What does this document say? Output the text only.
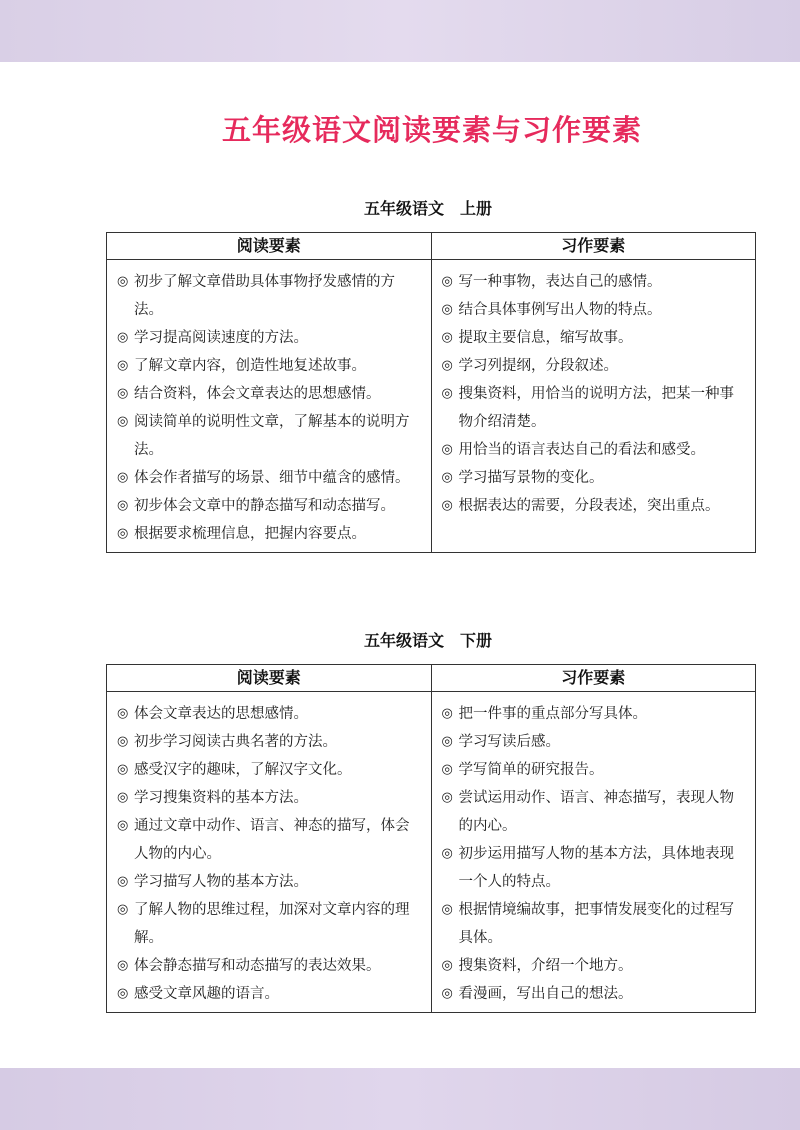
五年级语文阅读要素与习作要素
五年级语文　上册
阅读要素	习作要素
◎ 初步了解文章借助具体事物抒发感情的方法。
◎ 学习提高阅读速度的方法。
◎ 了解文章内容，创造性地复述故事。
◎ 结合资料，体会文章表达的思想感情。
◎ 阅读简单的说明性文章，了解基本的说明方法。
◎ 体会作者描写的场景、细节中蕴含的感情。
◎ 初步体会文章中的静态描写和动态描写。
◎ 根据要求梳理信息，把握内容要点。
◎ 写一种事物，表达自己的感情。
◎ 结合具体事例写出人物的特点。
◎ 提取主要信息，缩写故事。
◎ 学习列提纲，分段叙述。
◎ 搜集资料，用恰当的说明方法，把某一种事物介绍清楚。
◎ 用恰当的语言表达自己的看法和感受。
◎ 学习描写景物的变化。
◎ 根据表达的需要，分段表述，突出重点。
五年级语文　下册
阅读要素	习作要素
◎ 体会文章表达的思想感情。
◎ 初步学习阅读古典名著的方法。
◎ 感受汉字的趣味，了解汉字文化。
◎ 学习搜集资料的基本方法。
◎ 通过文章中动作、语言、神态的描写，体会人物的内心。
◎ 学习描写人物的基本方法。
◎ 了解人物的思维过程，加深对文章内容的理解。
◎ 体会静态描写和动态描写的表达效果。
◎ 感受文章风趣的语言。
◎ 把一件事的重点部分写具体。
◎ 学习写读后感。
◎ 学写简单的研究报告。
◎ 尝试运用动作、语言、神态描写，表现人物的内心。
◎ 初步运用描写人物的基本方法，具体地表现一个人的特点。
◎ 根据情境编故事，把事情发展变化的过程写具体。
◎ 搜集资料，介绍一个地方。
◎ 看漫画，写出自己的想法。
